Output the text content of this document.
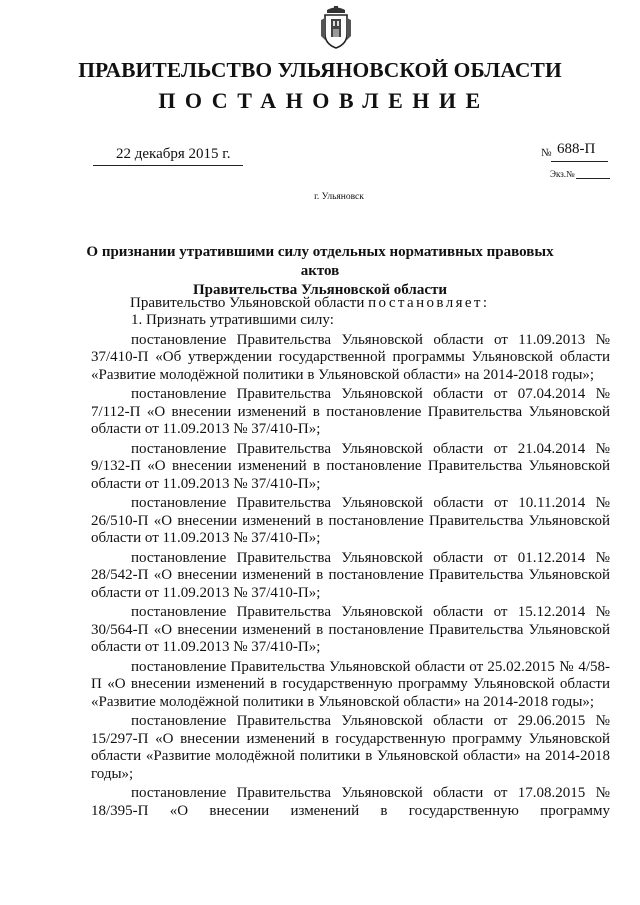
ПРАВИТЕЛЬСТВО УЛЬЯНОВСКОЙ ОБЛАСТИ
ПОСТАНОВЛЕНИЕ
22 декабря 2015 г.	№ 688-П
Экз.№
г. Ульяновск
О признании утратившими силу отдельных нормативных правовых актов
Правительства Ульяновской области
Правительство Ульяновской области постановляет:

1. Признать утратившими силу:

постановление Правительства Ульяновской области от 11.09.2013 № 37/410-П «Об утверждении государственной программы Ульяновской области «Развитие молодёжной политики в Ульяновской области» на 2014-2018 годы»;

постановление Правительства Ульяновской области от 07.04.2014 № 7/112-П «О внесении изменений в постановление Правительства Ульяновской области от 11.09.2013 № 37/410-П»;

постановление Правительства Ульяновской области от 21.04.2014 № 9/132-П «О внесении изменений в постановление Правительства Ульяновской области от 11.09.2013 № 37/410-П»;

постановление Правительства Ульяновской области от 10.11.2014 № 26/510-П «О внесении изменений в постановление Правительства Ульяновской области от 11.09.2013 № 37/410-П»;

постановление Правительства Ульяновской области от 01.12.2014 № 28/542-П «О внесении изменений в постановление Правительства Ульяновской области от 11.09.2013 № 37/410-П»;

постановление Правительства Ульяновской области от 15.12.2014 № 30/564-П «О внесении изменений в постановление Правительства Ульяновской области от 11.09.2013 № 37/410-П»;

постановление Правительства Ульяновской области от 25.02.2015 № 4/58-П «О внесении изменений в государственную программу Ульяновской области «Развитие молодёжной политики в Ульяновской области» на 2014-2018 годы»;

постановление Правительства Ульяновской области от 29.06.2015 № 15/297-П «О внесении изменений в государственную программу Ульяновской области «Развитие молодёжной политики в Ульяновской области» на 2014-2018 годы»;

постановление Правительства Ульяновской области от 17.08.2015 № 18/395-П «О внесении изменений в государственную программу
